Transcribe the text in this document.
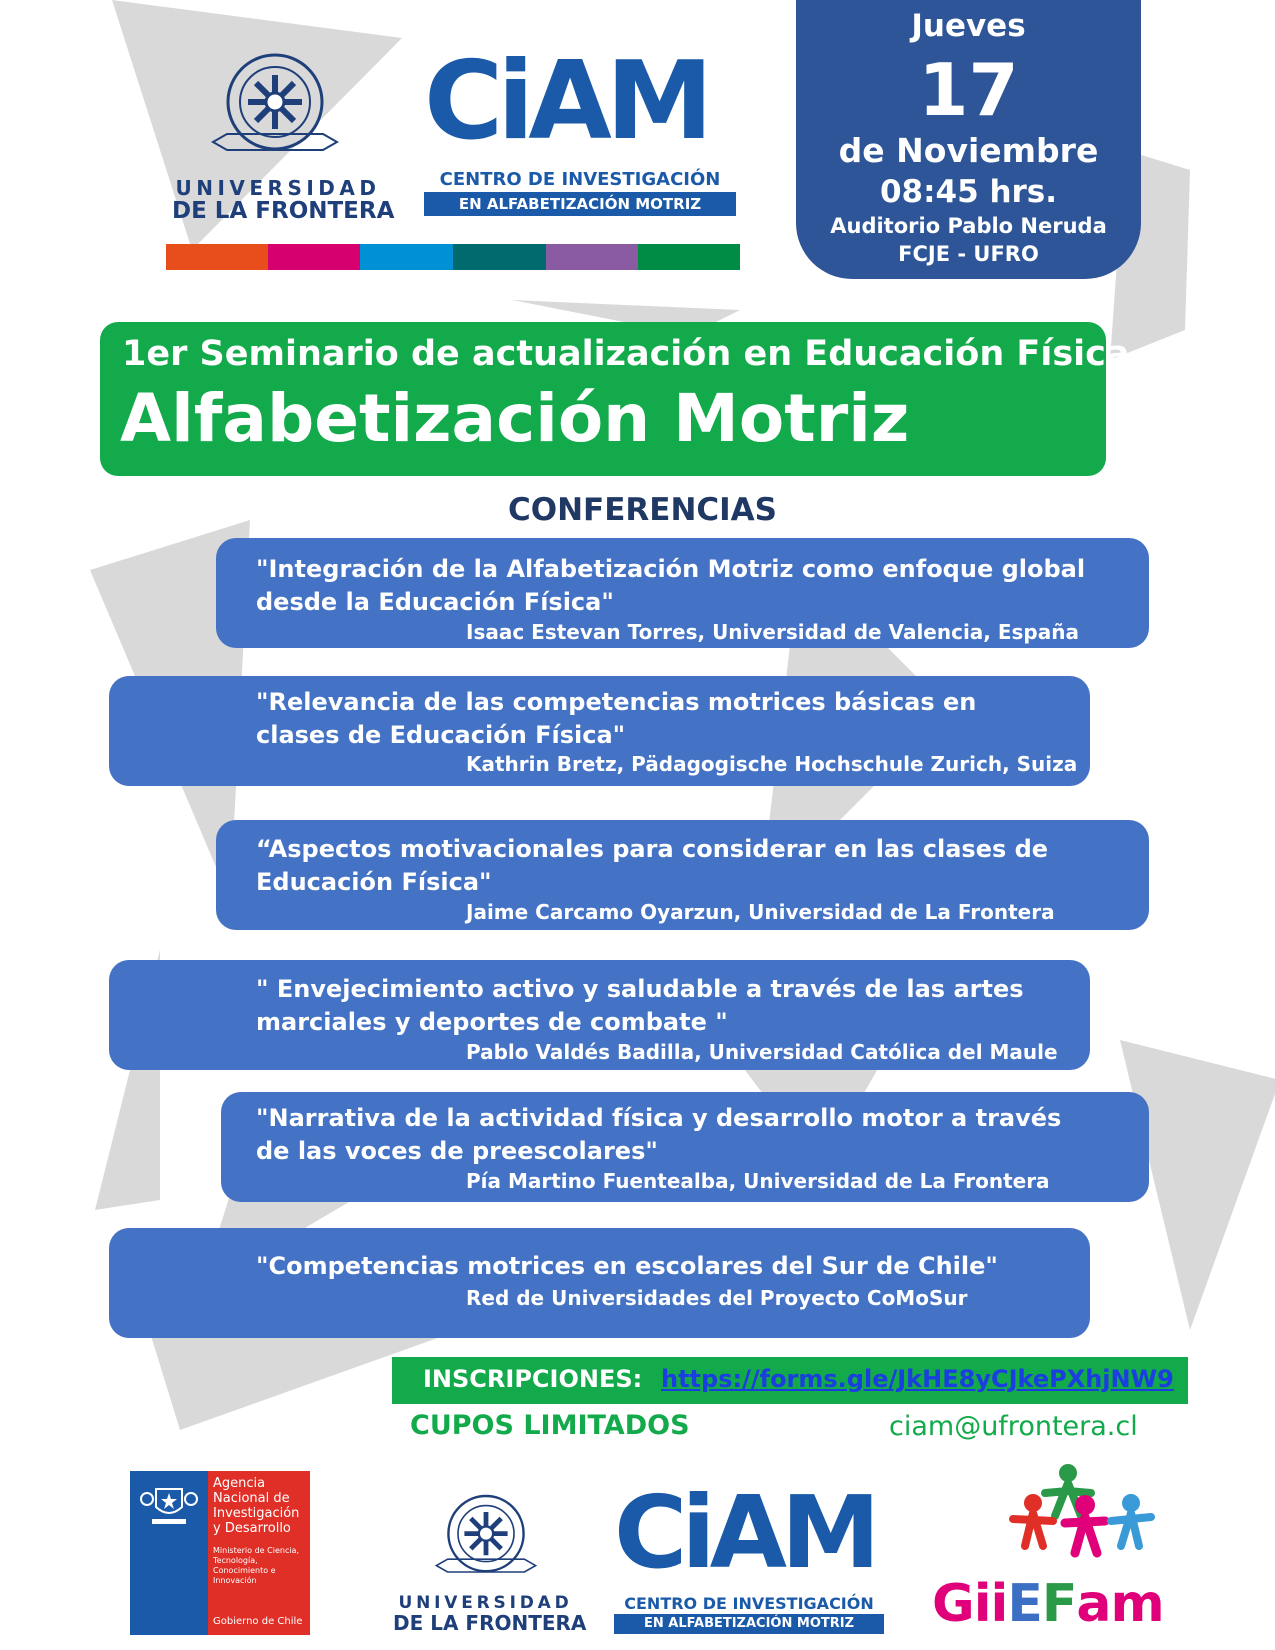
UNIVERSIDAD
DE LA FRONTERA
CiAM
CENTRO DE INVESTIGACIÓN
EN ALFABETIZACIÓN MOTRIZ
Jueves
17
de Noviembre
08:45 hrs.
Auditorio Pablo Neruda
FCJE - UFRO
1er Seminario de actualización en Educación Física
Alfabetización Motriz
CONFERENCIAS
"Integración de la Alfabetización Motriz como enfoque global desde la Educación Física"
Isaac Estevan Torres, Universidad de Valencia, España
"Relevancia de las competencias motrices básicas en clases de Educación Física"
Kathrin Bretz, Pädagogische Hochschule Zurich, Suiza
“Aspectos motivacionales para considerar en las clases de Educación Física"
Jaime Carcamo Oyarzun, Universidad de La Frontera
" Envejecimiento activo y saludable a través de las artes marciales y deportes de combate "
Pablo Valdés Badilla, Universidad Católica del Maule
"Narrativa de la actividad física y desarrollo motor a través de las voces de preescolares"
Pía Martino Fuentealba, Universidad de La Frontera
"Competencias motrices en escolares del Sur de Chile"
Red de Universidades del Proyecto CoMoSur
INSCRIPCIONES: https://forms.gle/JkHE8yCJkePXhjNW9
CUPOS LIMITADOS	ciam@ufrontera.cl
Agencia Nacional de Investigación y Desarrollo
Ministerio de Ciencia, Tecnología, Conocimiento e Innovación
Gobierno de Chile
UNIVERSIDAD
DE LA FRONTERA
CiAM
CENTRO DE INVESTIGACIÓN
EN ALFABETIZACIÓN MOTRIZ	GiiEFam
